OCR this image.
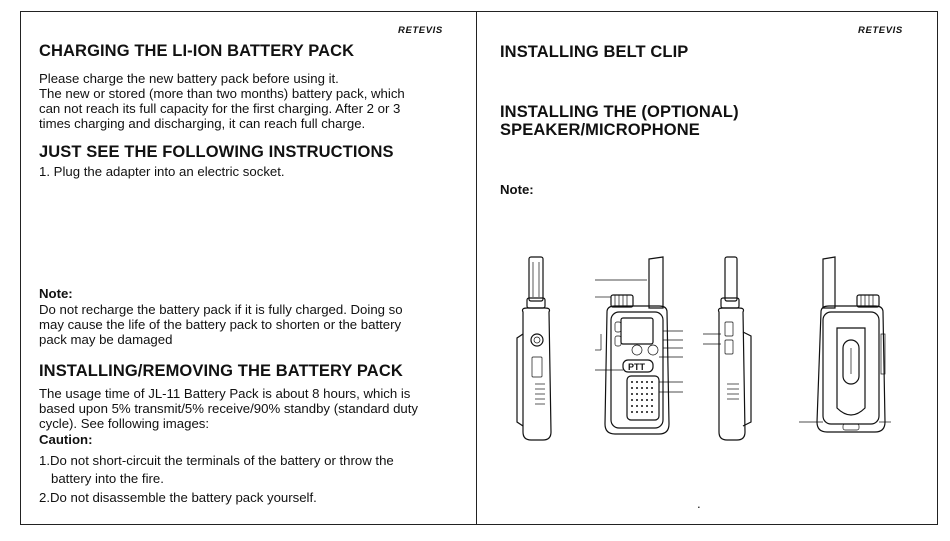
RETEVIS
CHARGING THE LI-ION BATTERY PACK
Please charge the new battery pack before using it.
The new or stored (more than two months) battery pack, which
can not reach its full capacity for the first charging. After 2 or 3
times charging and discharging, it can reach full charge.
JUST SEE THE FOLLOWING INSTRUCTIONS
1. Plug the adapter into an electric socket.
Note:
Do not recharge the battery pack if it is fully charged. Doing so
may cause the life of the battery pack to shorten or the battery
pack may be damaged
INSTALLING/REMOVING THE BATTERY PACK
The usage time of JL-11 Battery Pack is about 8 hours, which is
based upon 5% transmit/5% receive/90% standby (standard duty
cycle). See following images:
Caution:
1.Do not short-circuit the terminals of the battery or throw the
battery into the fire.
2.Do not disassemble the battery pack yourself.
RETEVIS
INSTALLING BELT CLIP
INSTALLING THE (OPTIONAL)
SPEAKER/MICROPHONE
Note:
.
PTT
